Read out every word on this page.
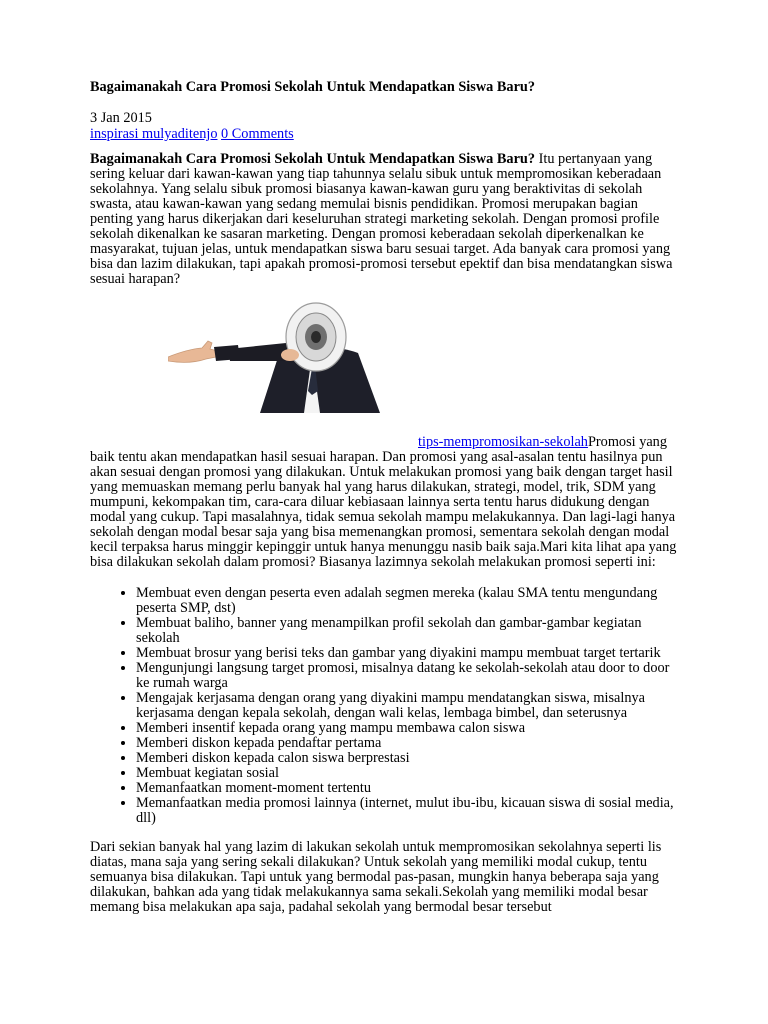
Bagaimanakah Cara Promosi Sekolah Untuk Mendapatkan Siswa Baru?
3 Jan 2015
inspirasi mulyaditenjo 0 Comments

Bagaimanakah Cara Promosi Sekolah Untuk Mendapatkan Siswa Baru? Itu pertanyaan yang sering keluar dari kawan-kawan yang tiap tahunnya selalu sibuk untuk mempromosikan keberadaan sekolahnya. Yang selalu sibuk promosi biasanya kawan-kawan guru yang beraktivitas di sekolah swasta, atau kawan-kawan yang sedang memulai bisnis pendidikan. Promosi merupakan bagian penting yang harus dikerjakan dari keseluruhan strategi marketing sekolah. Dengan promosi profile sekolah dikenalkan ke sasaran marketing. Dengan promosi keberadaan sekolah diperkenalkan ke masyarakat, tujuan jelas, untuk mendapatkan siswa baru sesuai target. Ada banyak cara promosi yang bisa dan lazim dilakukan, tapi apakah promosi-promosi tersebut epektif dan bisa mendatangkan siswa sesuai harapan?

tips-mempromosikan-sekolahPromosi yang baik tentu akan mendapatkan hasil sesuai harapan. Dan promosi yang asal-asalan tentu hasilnya pun akan sesuai dengan promosi yang dilakukan. Untuk melakukan promosi yang baik dengan target hasil yang memuaskan memang perlu banyak hal yang harus dilakukan, strategi, model, trik, SDM yang mumpuni, kekompakan tim, cara-cara diluar kebiasaan lainnya serta tentu harus didukung dengan modal yang cukup. Tapi masalahnya, tidak semua sekolah mampu melakukannya. Dan lagi-lagi hanya sekolah dengan modal besar saja yang bisa memenangkan promosi, sementara sekolah dengan modal kecil terpaksa harus minggir kepinggir untuk hanya menunggu nasib baik saja.Mari kita lihat apa yang bisa dilakukan sekolah dalam promosi? Biasanya lazimnya sekolah melakukan promosi seperti ini:

• Membuat even dengan peserta even adalah segmen mereka (kalau SMA tentu mengundang peserta SMP, dst)
• Membuat baliho, banner yang menampilkan profil sekolah dan gambar-gambar kegiatan sekolah
• Membuat brosur yang berisi teks dan gambar yang diyakini mampu membuat target tertarik
• Mengunjungi langsung target promosi, misalnya datang ke sekolah-sekolah atau door to door ke rumah warga
• Mengajak kerjasama dengan orang yang diyakini mampu mendatangkan siswa, misalnya kerjasama dengan kepala sekolah, dengan wali kelas, lembaga bimbel, dan seterusnya
• Memberi insentif kepada orang yang mampu membawa calon siswa
• Memberi diskon kepada pendaftar pertama
• Memberi diskon kepada calon siswa berprestasi
• Membuat kegiatan sosial
• Memanfaatkan moment-moment tertentu
• Memanfaatkan media promosi lainnya (internet, mulut ibu-ibu, kicauan siswa di sosial media, dll)

Dari sekian banyak hal yang lazim di lakukan sekolah untuk mempromosikan sekolahnya seperti lis diatas, mana saja yang sering sekali dilakukan? Untuk sekolah yang memiliki modal cukup, tentu semuanya bisa dilakukan. Tapi untuk yang bermodal pas-pasan, mungkin hanya beberapa saja yang dilakukan, bahkan ada yang tidak melakukannya sama sekali.Sekolah yang memiliki modal besar memang bisa melakukan apa saja, padahal sekolah yang bermodal besar tersebut
